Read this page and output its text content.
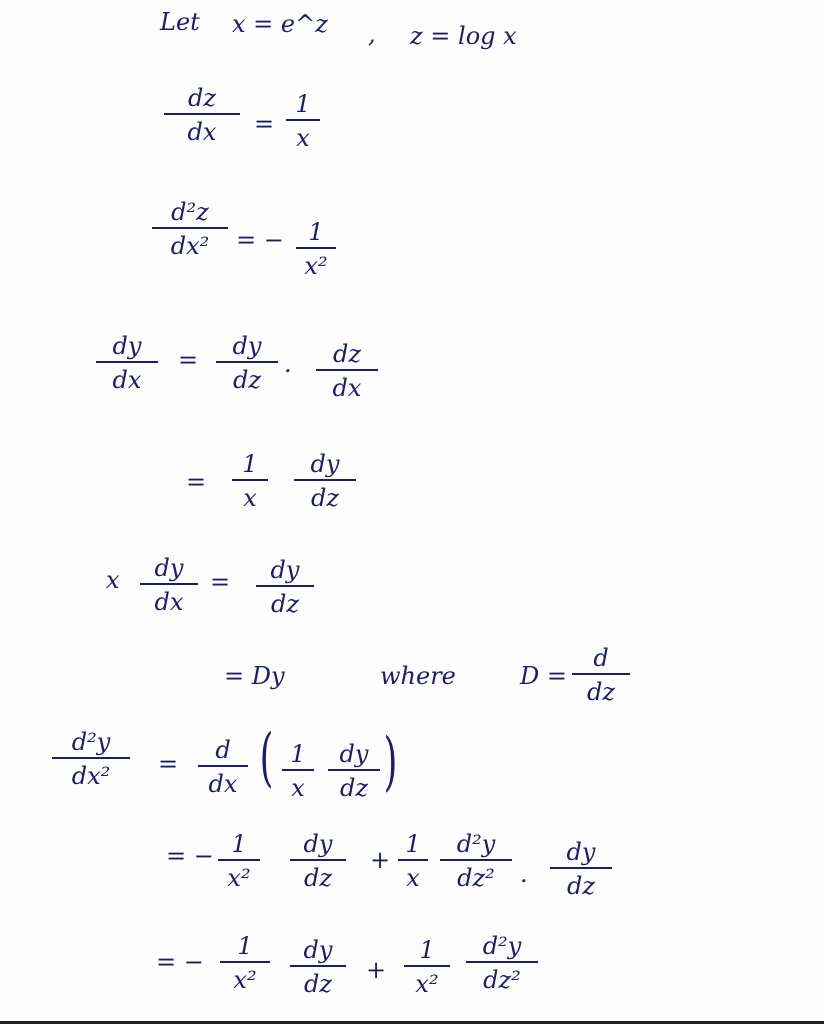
Let x = e^z , z = log x
dz
dx =
1
x
d²z
dx² = − 1
x²
dy
dx
= dy
dz
. dz
dx
=
1
x
dy
dz
x dy
dx
= dy
dz
= Dy	where	D =
d
dz
d²y
dx² = d
dx ( 1
x
dy
dz )
= − 1
x²
dy
dz
+
1
x
d²y
dz² .
dy
dz
= −
1
x²
dy
dz +
1
x²
d²y
dz²
